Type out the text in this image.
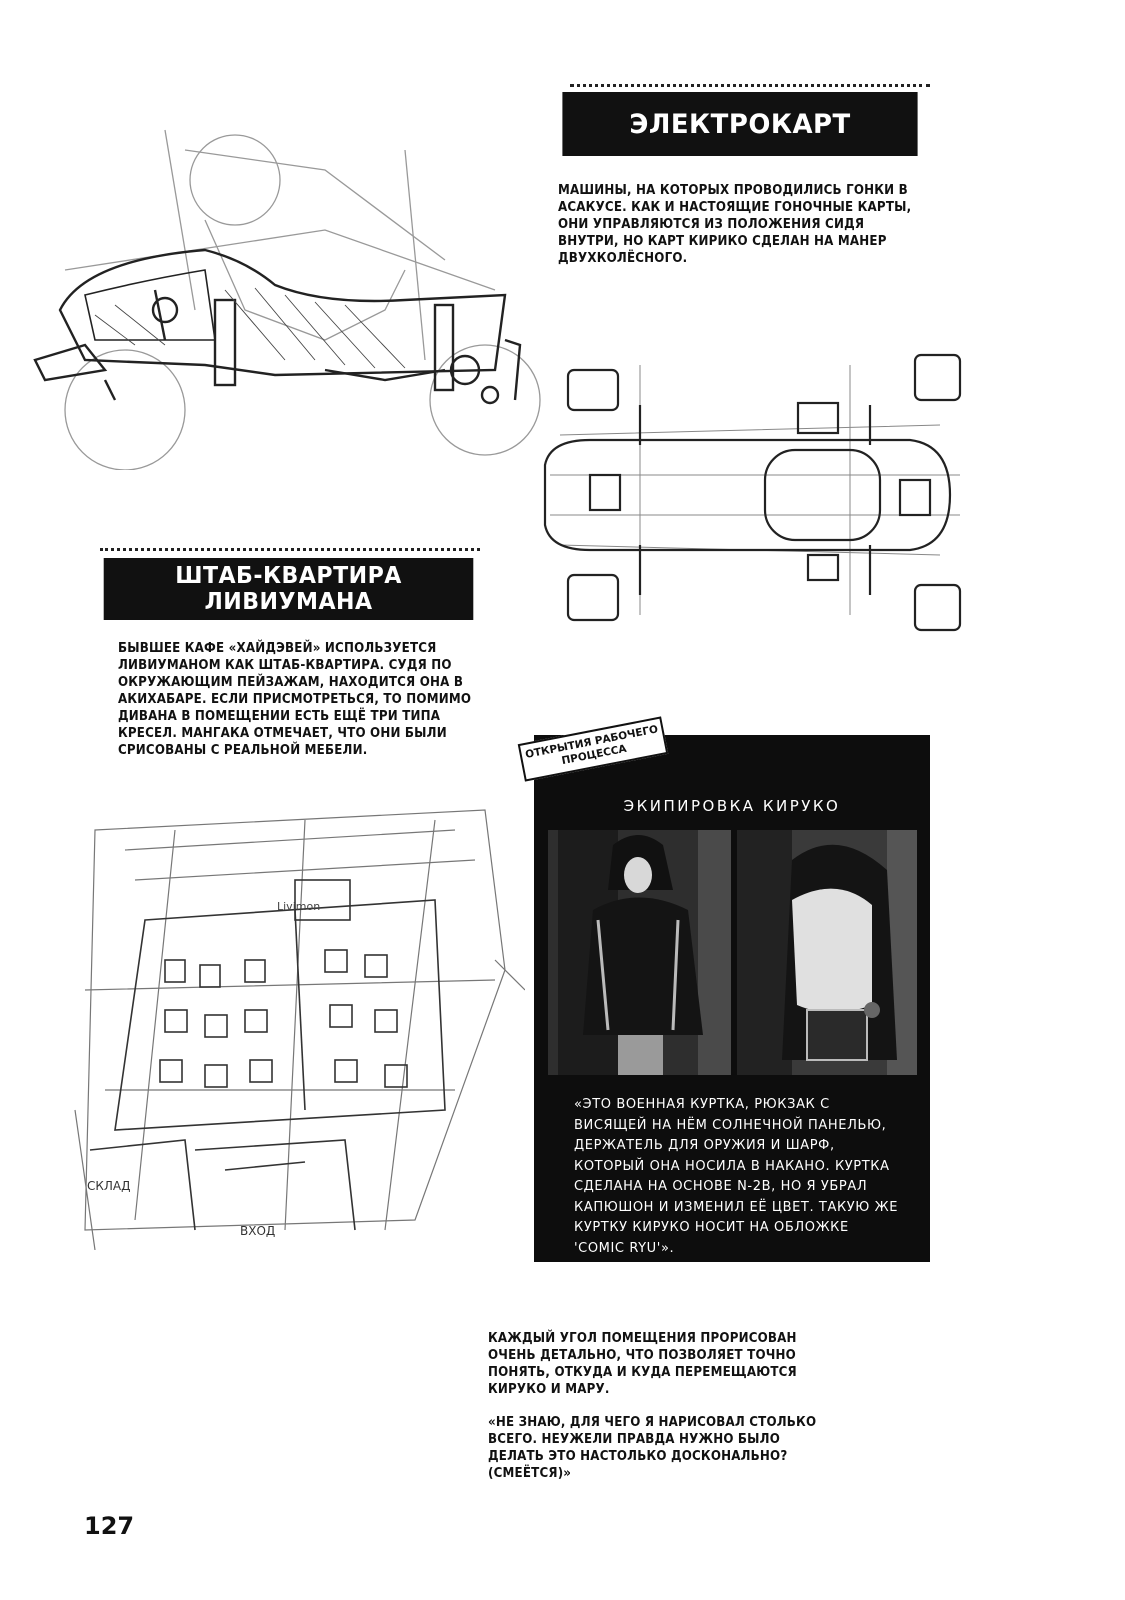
ЭЛЕКТРОКАРТ
МАШИНЫ, НА КОТОРЫХ ПРОВОДИЛИСЬ ГОНКИ В АСАКУСЕ. КАК И НАСТОЯЩИЕ ГОНОЧНЫЕ КАРТЫ, ОНИ УПРАВЛЯЮТСЯ ИЗ ПОЛОЖЕНИЯ СИДЯ ВНУТРИ, НО КАРТ КИРИКО СДЕЛАН НА МАНЕР ДВУХКОЛЁСНОГО.
ШТАБ-КВАРТИРА ЛИВИУМАНА
БЫВШЕЕ КАФЕ «ХАЙДЭВЕЙ» ИСПОЛЬЗУЕТСЯ ЛИВИУМАНОМ КАК ШТАБ-КВАРТИРА. СУДЯ ПО ОКРУЖАЮЩИМ ПЕЙЗАЖАМ, НАХОДИТСЯ ОНА В АКИХАБАРЕ. ЕСЛИ ПРИСМОТРЕТЬСЯ, ТО ПОМИМО ДИВАНА В ПОМЕЩЕНИИ ЕСТЬ ЕЩЁ ТРИ ТИПА КРЕСЕЛ. МАНГАКА ОТМЕЧАЕТ, ЧТО ОНИ БЫЛИ СРИСОВАНЫ С РЕАЛЬНОЙ МЕБЕЛИ.
Livimon
СКЛАД
ВХОД
КАЖДЫЙ УГОЛ ПОМЕЩЕНИЯ ПРОРИСОВАН ОЧЕНЬ ДЕТАЛЬНО, ЧТО ПОЗВОЛЯЕТ ТОЧНО ПОНЯТЬ, ОТКУДА И КУДА ПЕРЕМЕЩАЮТСЯ КИРУКО И МАРУ.
«НЕ ЗНАЮ, ДЛЯ ЧЕГО Я НАРИСОВАЛ СТОЛЬКО ВСЕГО. НЕУЖЕЛИ ПРАВДА НУЖНО БЫЛО ДЕЛАТЬ ЭТО НАСТОЛЬКО ДОСКОНАЛЬНО? (СМЕЁТСЯ)»
ОТКРЫТИЯ РАБОЧЕГО ПРОЦЕССА
ЭКИПИРОВКА КИРУКО
«ЭТО ВОЕННАЯ КУРТКА, РЮКЗАК С ВИСЯЩЕЙ НА НЁМ СОЛНЕЧНОЙ ПАНЕЛЬЮ, ДЕРЖАТЕЛЬ ДЛЯ ОРУЖИЯ И ШАРФ, КОТОРЫЙ ОНА НОСИЛА В НАКАНО. КУРТКА СДЕЛАНА НА ОСНОВЕ N-2B, НО Я УБРАЛ КАПЮШОН И ИЗМЕНИЛ ЕЁ ЦВЕТ. ТАКУЮ ЖЕ КУРТКУ КИРУКО НОСИТ НА ОБЛОЖКЕ 'COMIC RYU'».
127
